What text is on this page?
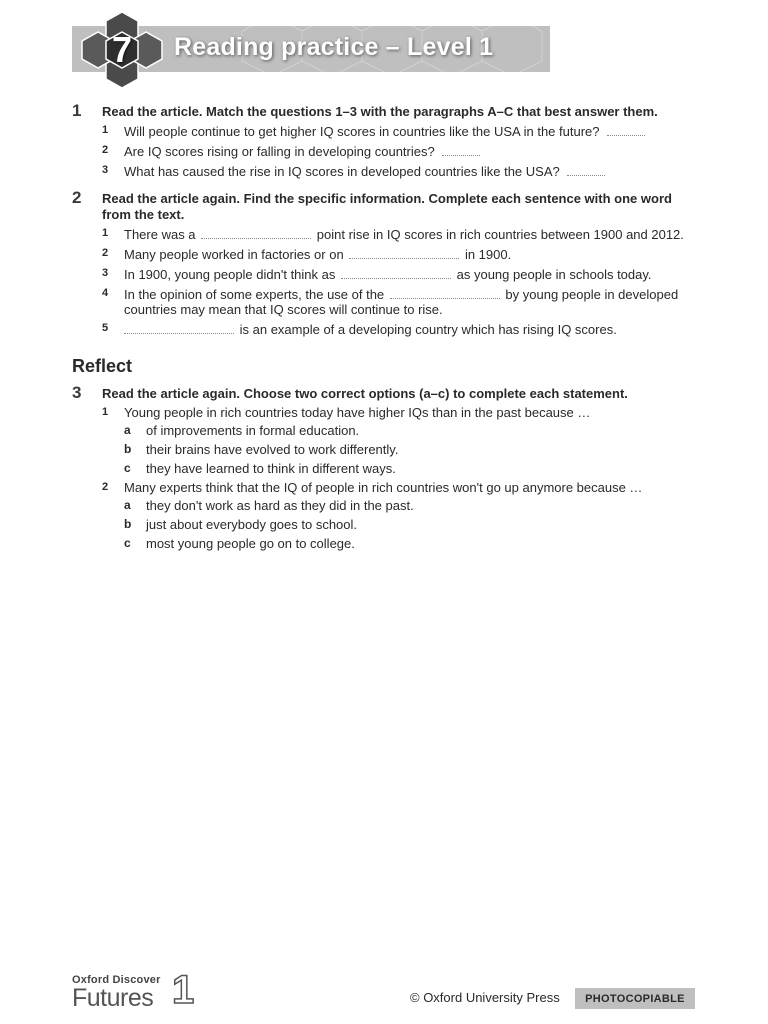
7	Reading practice – Level 1
1 Read the article. Match the questions 1–3 with the paragraphs A–C that best answer them.
1 Will people continue to get higher IQ scores in countries like the USA in the future?
2 Are IQ scores rising or falling in developing countries?
3 What has caused the rise in IQ scores in developed countries like the USA?
2 Read the article again. Find the specific information. Complete each sentence with one word from the text.
1 There was a	point rise in IQ scores in rich countries between 1900 and 2012.
2 Many people worked in factories or on	in 1900.
3 In 1900, young people didn't think as	as young people in schools today.
4 In the opinion of some experts, the use of the	by young people in developed countries may mean that IQ scores will continue to rise.
5	is an example of a developing country which has rising IQ scores.
Reflect
3 Read the article again. Choose two correct options (a–c) to complete each statement.
1 Young people in rich countries today have higher IQs than in the past because …
a of improvements in formal education.
b their brains have evolved to work differently.
c they have learned to think in different ways.
2 Many experts think that the IQ of people in rich countries won't go up anymore because …
a they don't work as hard as they did in the past.
b just about everybody goes to school.
c most young people go on to college.
Oxford Discover
Futures 1	© Oxford University Press	PHOTOCOPIABLE
